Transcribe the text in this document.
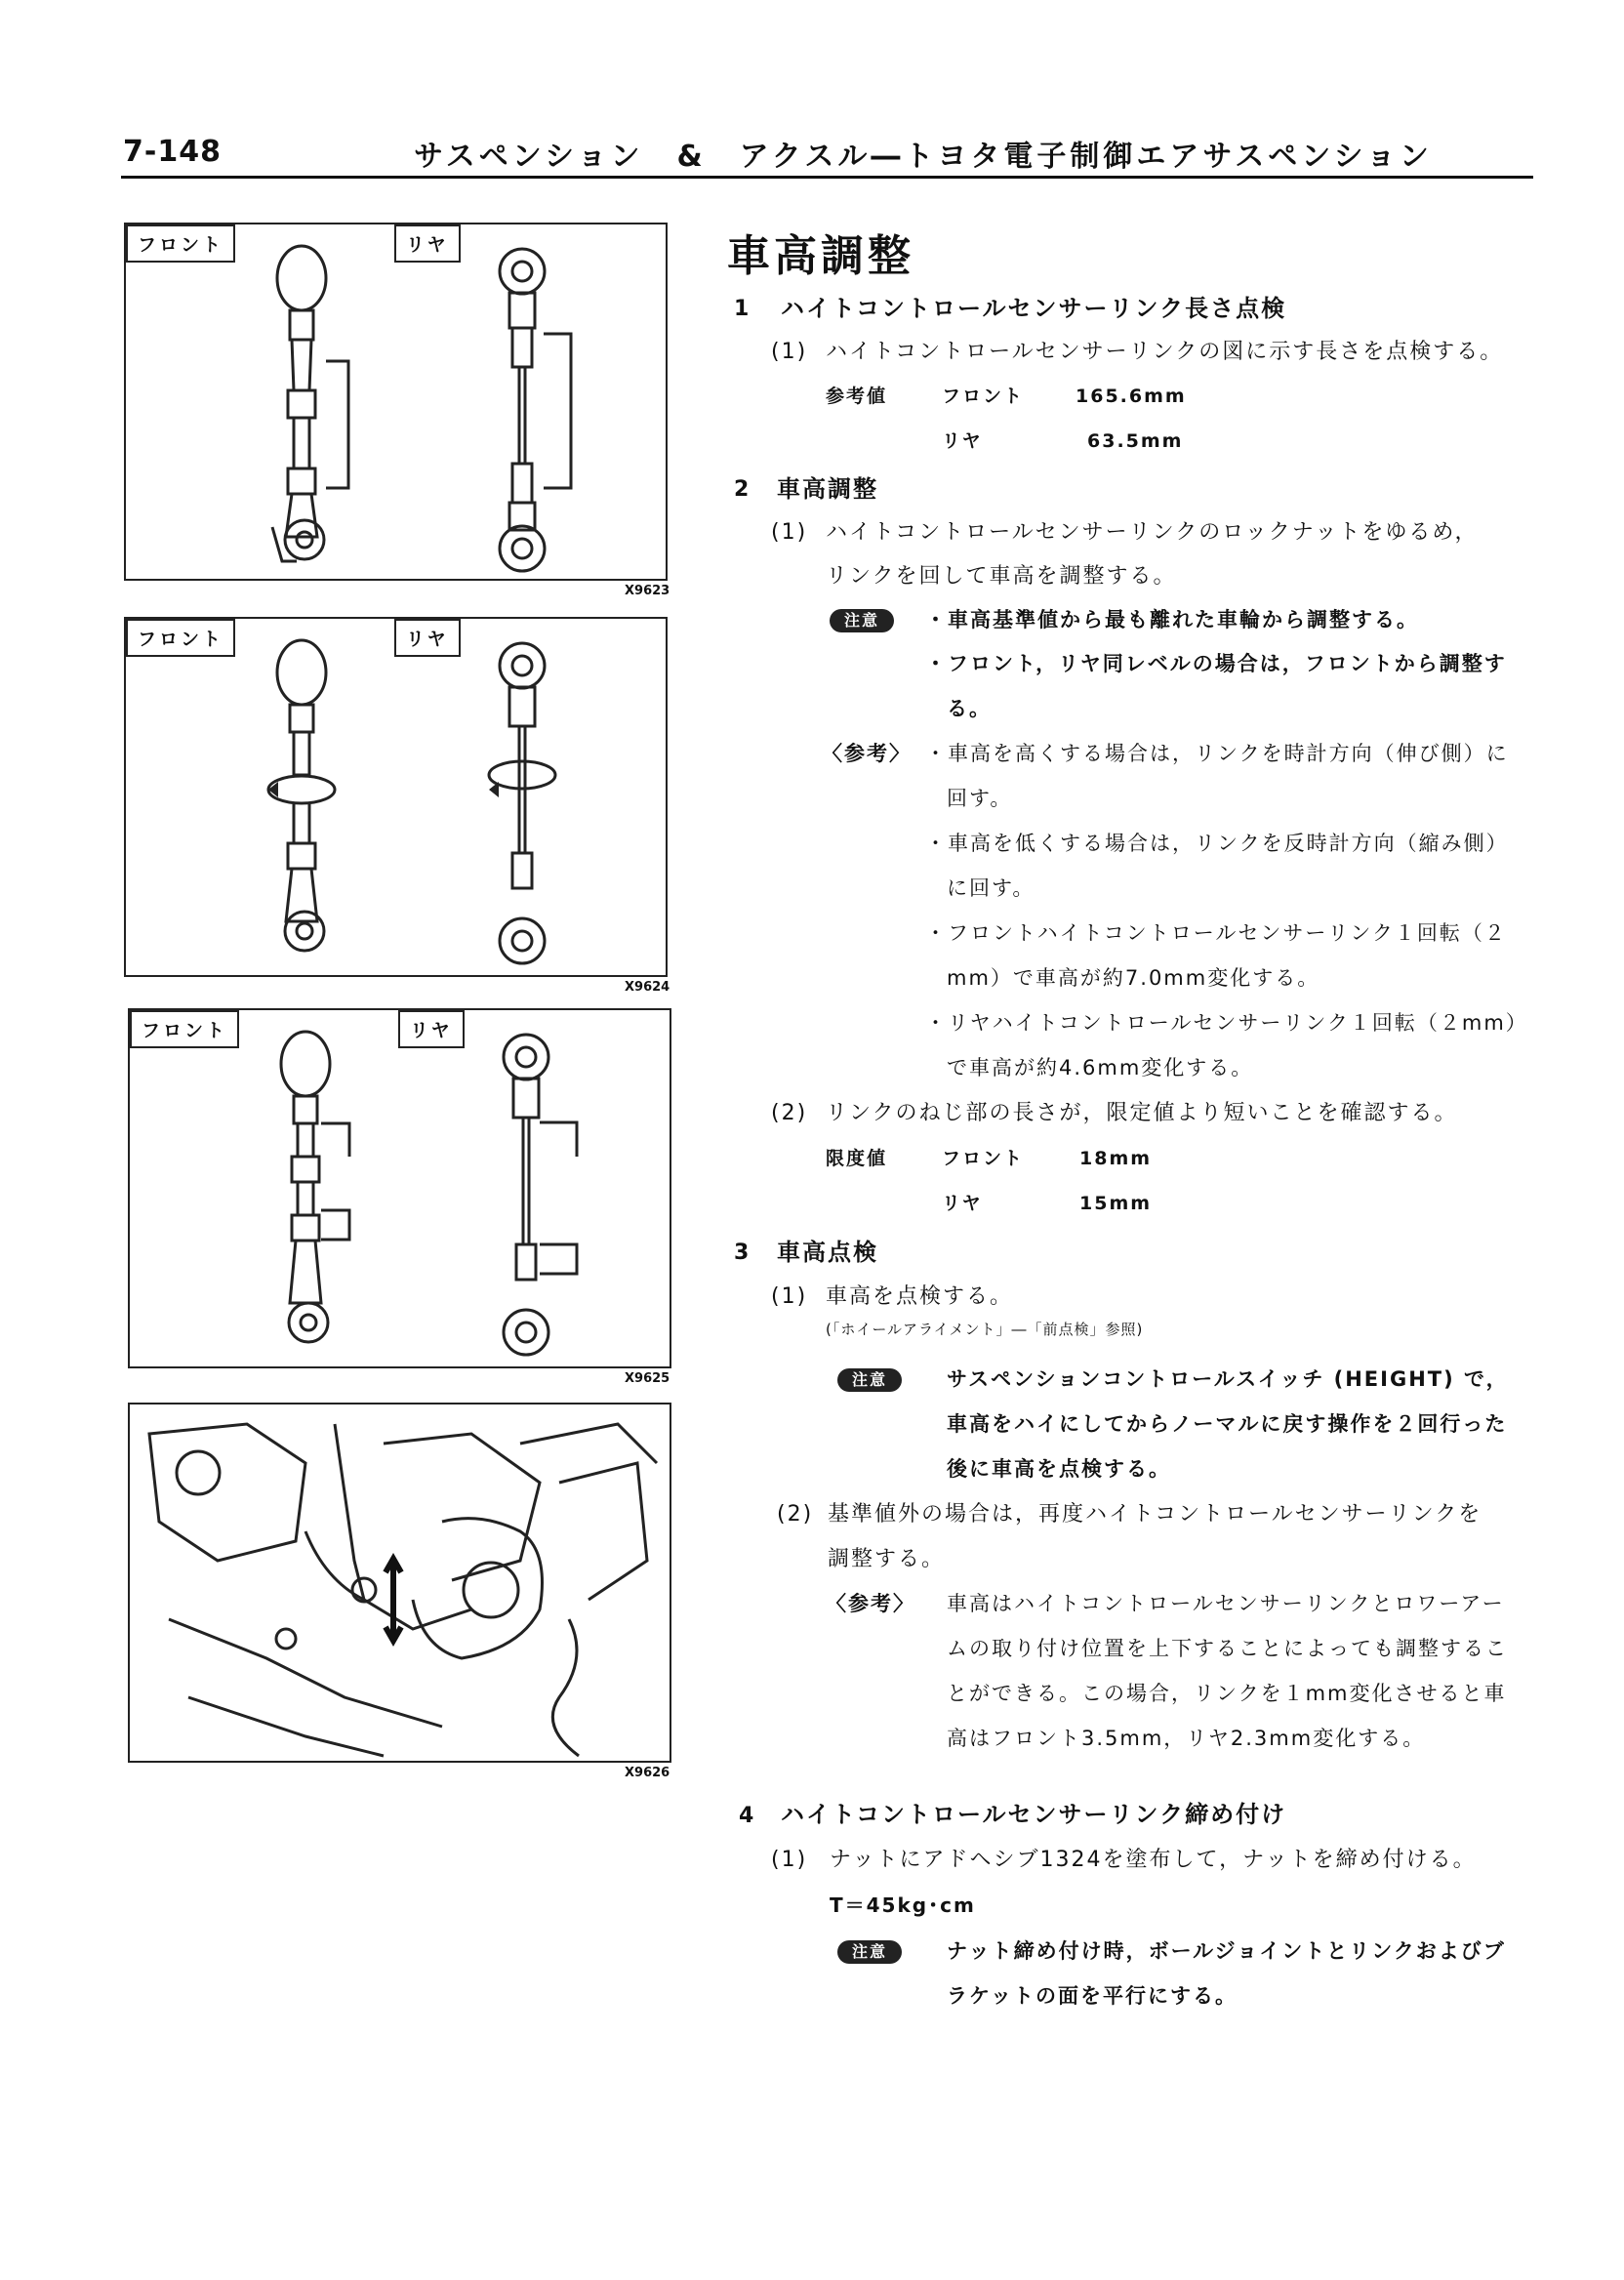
7-148	サスペンション　&　アクスル―トヨタ電子制御エアサスペンション
フロント	リヤ
X9623
フロント	リヤ
X9624
フロント	リヤ
X9625
X9626
車高調整
1 ハイトコントロールセンサーリンク長さ点検
(1) ハイトコントロールセンサーリンクの図に示す長さを点検する。
参考値	フロント	165.6mm
リヤ	63.5mm
2 車高調整
(1) ハイトコントロールセンサーリンクのロックナットをゆるめ，
リンクを回して車高を調整する。
注意	・車高基準値から最も離れた車輪から調整する。
・フロント，リヤ同レベルの場合は，フロントから調整す
る。
〈参考〉 ・車高を高くする場合は，リンクを時計方向（伸び側）に
回す。
・車高を低くする場合は，リンクを反時計方向（縮み側）
に回す。
・フロントハイトコントロールセンサーリンク１回転（２
mm）で車高が約7.0mm変化する。
・リヤハイトコントロールセンサーリンク１回転（２mm）
で車高が約4.6mm変化する。
(2) リンクのねじ部の長さが，限定値より短いことを確認する。
限度値	フロント	18mm
リヤ	15mm
3 車高点検
(1) 車高を点検する。
(「ホイールアライメント」―「前点検」参照)
注意	サスペンションコントロールスイッチ (HEIGHT) で，
車高をハイにしてからノーマルに戻す操作を２回行った
後に車高を点検する。
(2) 基準値外の場合は，再度ハイトコントロールセンサーリンクを
調整する。
〈参考〉 車高はハイトコントロールセンサーリンクとロワーアー
ムの取り付け位置を上下することによっても調整するこ
とができる。この場合，リンクを１mm変化させると車
高はフロント3.5mm，リヤ2.3mm変化する。
4 ハイトコントロールセンサーリンク締め付け
(1) ナットにアドヘシブ1324を塗布して，ナットを締め付ける。
T＝45kg･cm
注意	ナット締め付け時，ボールジョイントとリンクおよびブ
ラケットの面を平行にする。
